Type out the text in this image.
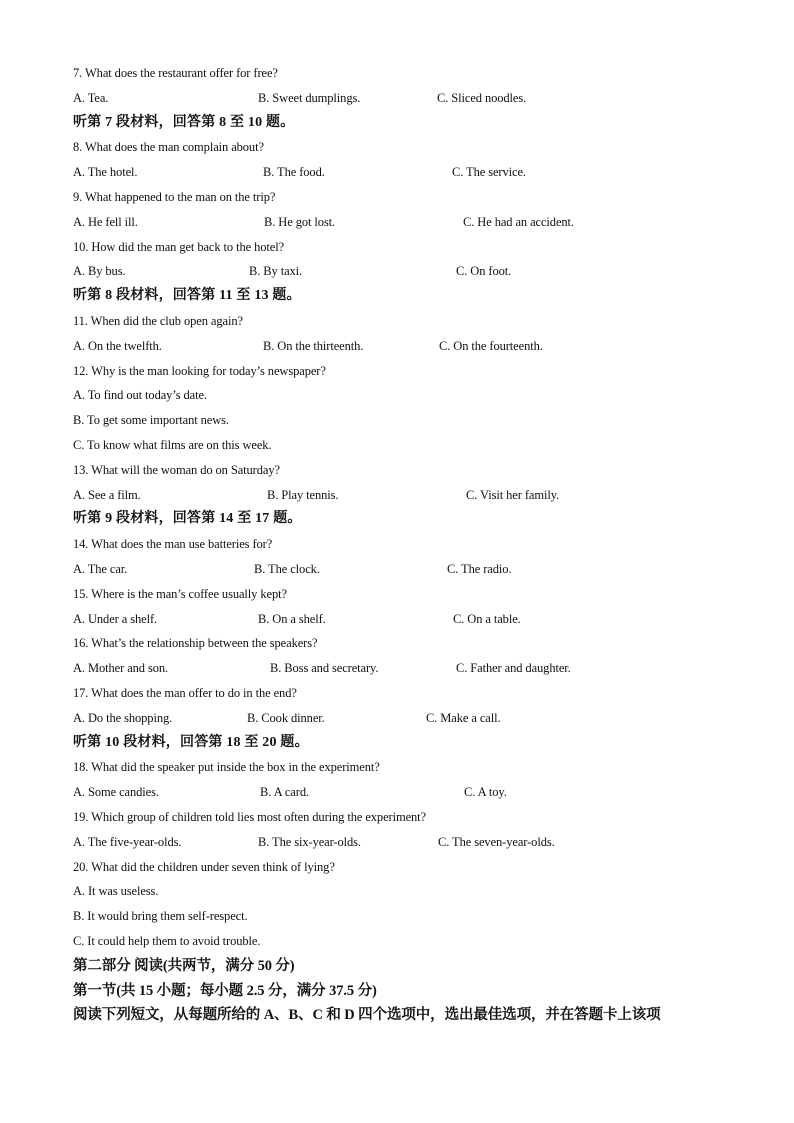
7. What does the restaurant offer for free?
A. Tea.	B. Sweet dumplings.	C. Sliced noodles.
听第 7 段材料，回答第 8 至 10 题。
8. What does the man complain about?
A. The hotel.	B. The food.	C. The service.
9. What happened to the man on the trip?
A. He fell ill.	B. He got lost.	C. He had an accident.
10. How did the man get back to the hotel?
A. By bus.	B. By taxi.	C. On foot.
听第 8 段材料，回答第 11 至 13 题。
11. When did the club open again?
A. On the twelfth.	B. On the thirteenth.	C. On the fourteenth.
12. Why is the man looking for today’s newspaper?
A. To find out today’s date.
B. To get some important news.
C. To know what films are on this week.
13. What will the woman do on Saturday?
A. See a film.	B. Play tennis.	C. Visit her family.
听第 9 段材料，回答第 14 至 17 题。
14. What does the man use batteries for?
A. The car.	B. The clock.	C. The radio.
15. Where is the man’s coffee usually kept?
A. Under a shelf.	B. On a shelf.	C. On a table.
16. What’s the relationship between the speakers?
A. Mother and son.	B. Boss and secretary.	C. Father and daughter.
17. What does the man offer to do in the end?
A. Do the shopping.	B. Cook dinner.	C. Make a call.
听第 10 段材料，回答第 18 至 20 题。
18. What did the speaker put inside the box in the experiment?
A. Some candies.	B. A card.	C. A toy.
19. Which group of children told lies most often during the experiment?
A. The five-year-olds.	B. The six-year-olds.	C. The seven-year-olds.
20. What did the children under seven think of lying?
A. It was useless.
B. It would bring them self-respect.
C. It could help them to avoid trouble.
第二部分 阅读(共两节，满分 50 分)
第一节(共 15 小题；每小题 2.5 分，满分 37.5 分)
阅读下列短文，从每题所给的 A、B、C 和 D 四个选项中，选出最佳选项，并在答题卡上该项
